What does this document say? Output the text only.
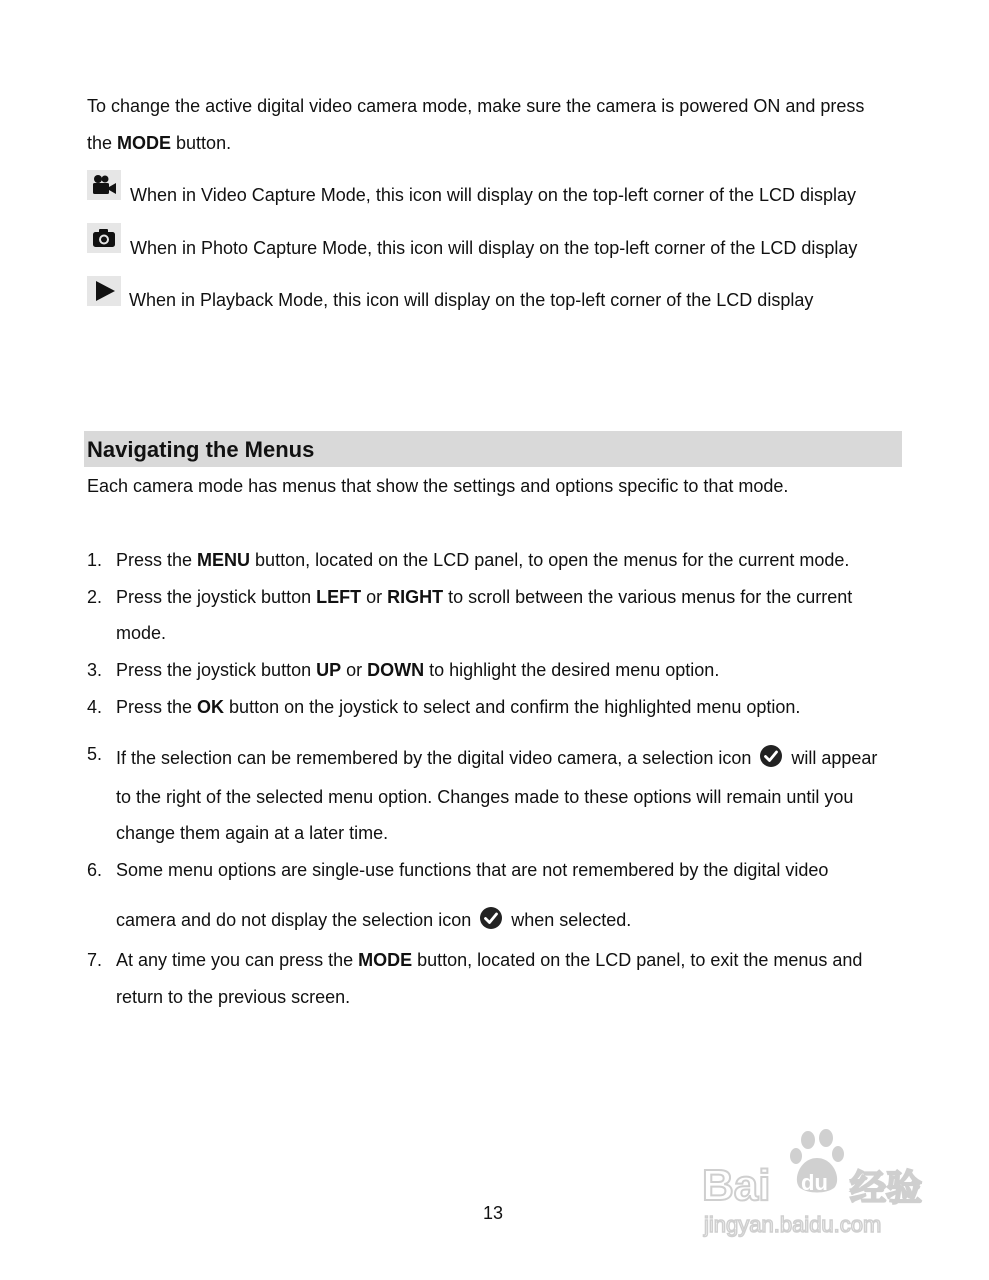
To change the active digital video camera mode, make sure the camera is powered ON and press
the MODE button.
When in Video Capture Mode, this icon will display on the top-left corner of the LCD display
When in Photo Capture Mode, this icon will display on the top-left corner of the LCD display
When in Playback Mode, this icon will display on the top-left corner of the LCD display
Navigating the Menus
Each camera mode has menus that show the settings and options specific to that mode.
1. Press the MENU button, located on the LCD panel, to open the menus for the current mode.
2. Press the joystick button LEFT or RIGHT to scroll between the various menus for the current
mode.
3. Press the joystick button UP or DOWN to highlight the desired menu option.
4. Press the OK button on the joystick to select and confirm the highlighted menu option.
5. If the selection can be remembered by the digital video camera, a selection icon will appear
to the right of the selected menu option. Changes made to these options will remain until you
change them again at a later time.
6. Some menu options are single-use functions that are not remembered by the digital video
camera and do not display the selection icon when selected.
7. At any time you can press the MODE button, located on the LCD panel, to exit the menus and
return to the previous screen.
13
Bai 经验
du
jingyan.baidu.com
